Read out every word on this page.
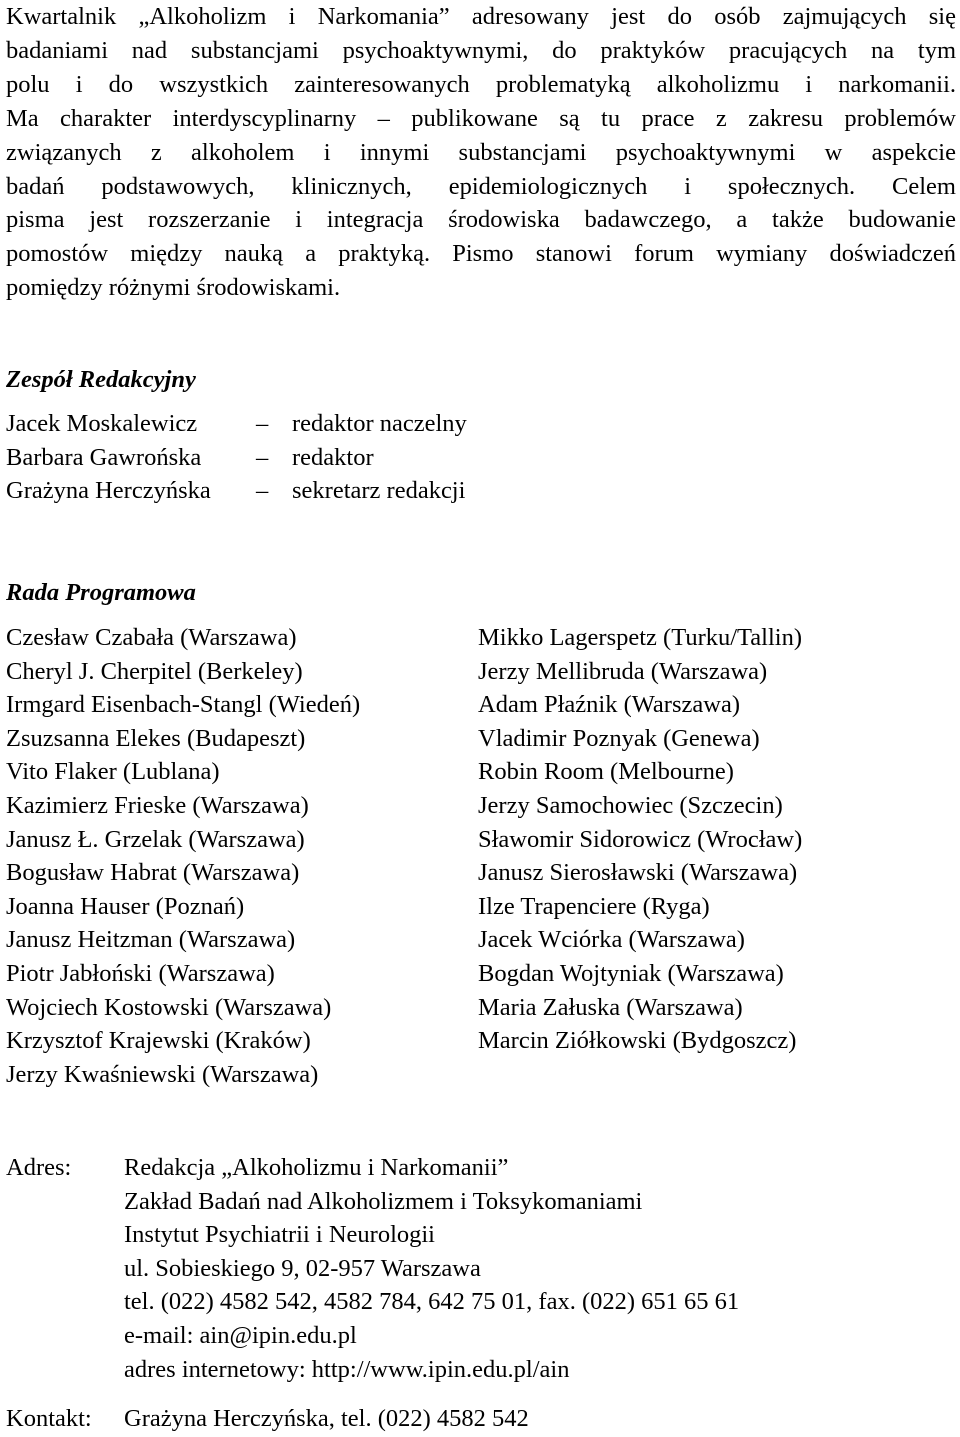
Kwartalnik „Alkoholizm i Narkomania” adresowany jest do osób zajmujących się
badaniami nad substancjami psychoaktywnymi, do praktyków pracujących na tym
polu i do wszystkich zainteresowanych problematyką alkoholizmu i narkomanii.
Ma charakter interdyscyplinarny – publikowane są tu prace z zakresu problemów
związanych z alkoholem i innymi substancjami psychoaktywnymi w aspekcie
badań podstawowych, klinicznych, epidemiologicznych i społecznych. Celem
pisma jest rozszerzanie i integracja środowiska badawczego, a także budowanie
pomostów między nauką a praktyką. Pismo stanowi forum wymiany doświadczeń
pomiędzy różnymi środowiskami.
Zespół Redakcyjny
Jacek Moskalewicz	– redaktor naczelny
Barbara Gawrońska	– redaktor
Grażyna Herczyńska	– sekretarz redakcji
Rada Programowa
Czesław Czabała (Warszawa)
Cheryl J. Cherpitel (Berkeley)
Irmgard Eisenbach-Stangl (Wiedeń)
Zsuzsanna Elekes (Budapeszt)
Vito Flaker (Lublana)
Kazimierz Frieske (Warszawa)
Janusz Ł. Grzelak (Warszawa)
Bogusław Habrat (Warszawa)
Joanna Hauser (Poznań)
Janusz Heitzman (Warszawa)
Piotr Jabłoński (Warszawa)
Wojciech Kostowski (Warszawa)
Krzysztof Krajewski (Kraków)
Jerzy Kwaśniewski (Warszawa)
Mikko Lagerspetz (Turku/Tallin)
Jerzy Mellibruda (Warszawa)
Adam Płaźnik (Warszawa)
Vladimir Poznyak (Genewa)
Robin Room (Melbourne)
Jerzy Samochowiec (Szczecin)
Sławomir Sidorowicz (Wrocław)
Janusz Sierosławski (Warszawa)
Ilze Trapenciere (Ryga)
Jacek Wciórka (Warszawa)
Bogdan Wojtyniak (Warszawa)
Maria Załuska (Warszawa)
Marcin Ziółkowski (Bydgoszcz)
Adres:	Redakcja „Alkoholizmu i Narkomanii”
Zakład Badań nad Alkoholizmem i Toksykomaniami
Instytut Psychiatrii i Neurologii
ul. Sobieskiego 9, 02-957 Warszawa
tel. (022) 4582 542, 4582 784, 642 75 01, fax. (022) 651 65 61
e-mail: ain@ipin.edu.pl
adres internetowy: http://www.ipin.edu.pl/ain
Kontakt:	Grażyna Herczyńska, tel. (022) 4582 542
